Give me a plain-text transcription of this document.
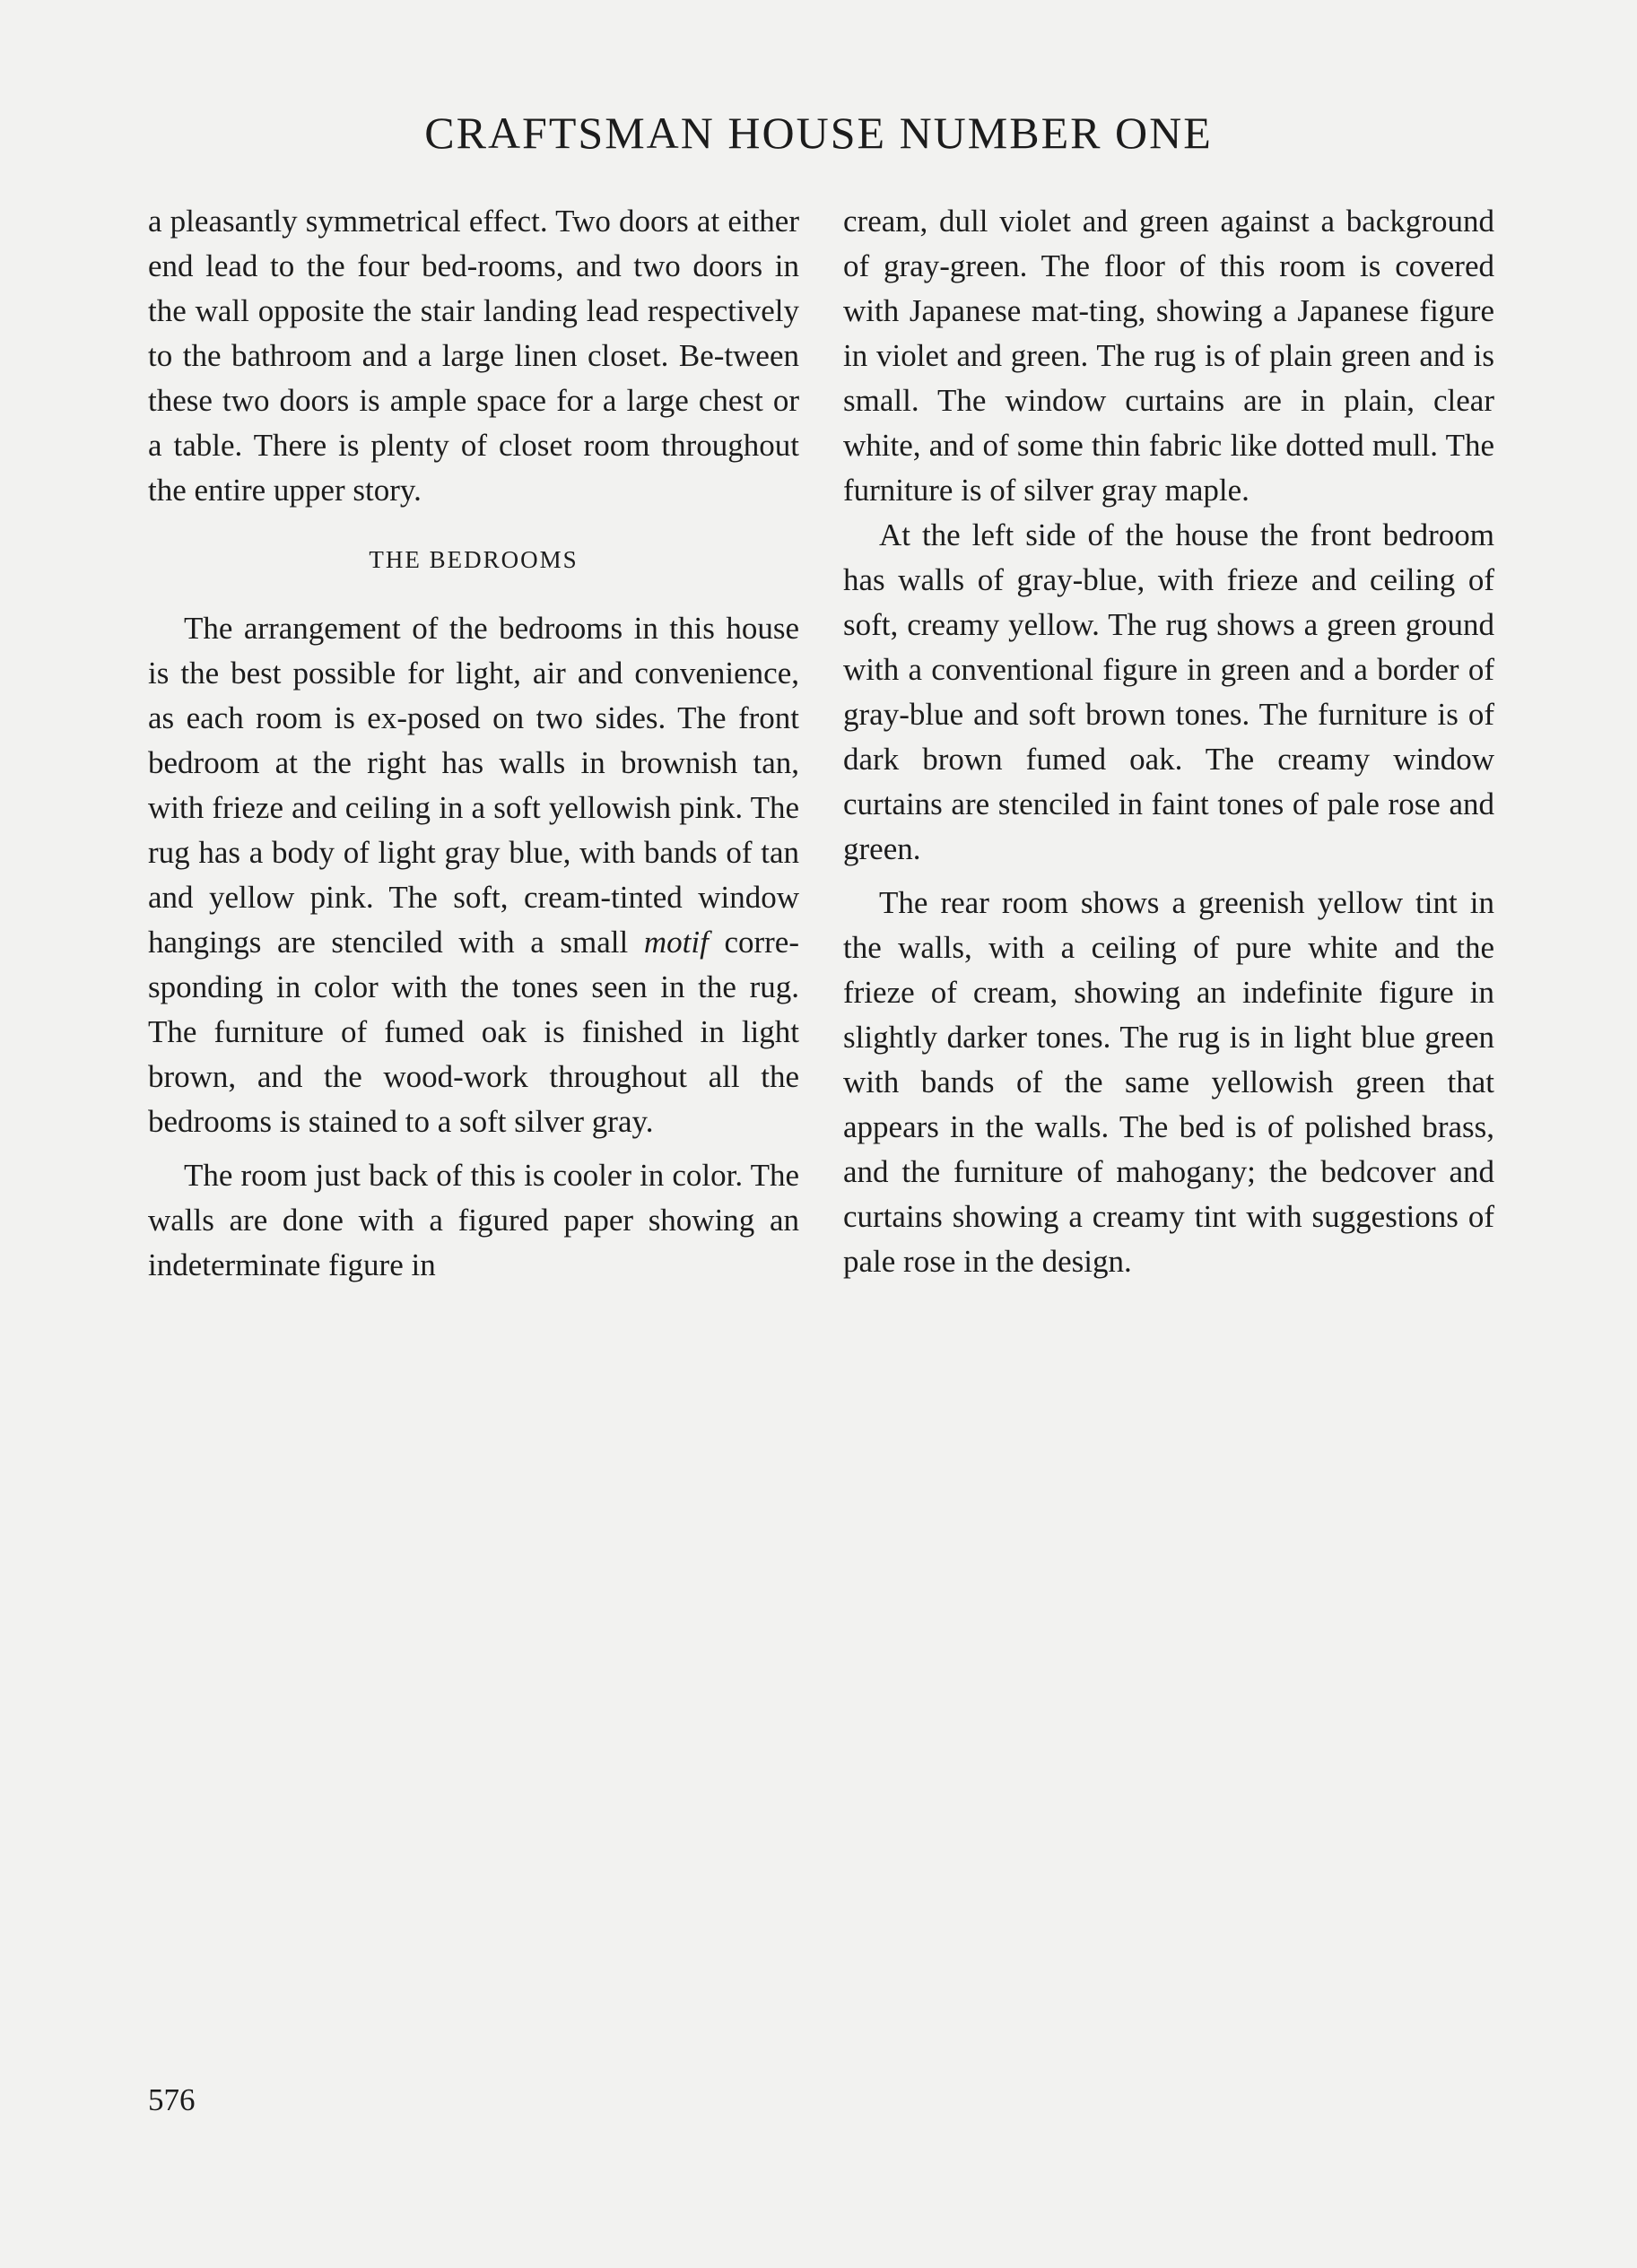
CRAFTSMAN HOUSE NUMBER ONE

a pleasantly symmetrical effect. Two doors at either end lead to the four bed-rooms, and two doors in the wall opposite the stair landing lead respectively to the bathroom and a large linen closet. Be-tween these two doors is ample space for a large chest or a table. There is plenty of closet room throughout the entire upper story.

THE BEDROOMS

The arrangement of the bedrooms in this house is the best possible for light, air and convenience, as each room is ex-posed on two sides. The front bedroom at the right has walls in brownish tan, with frieze and ceiling in a soft yellowish pink. The rug has a body of light gray blue, with bands of tan and yellow pink. The soft, cream-tinted window hangings are stenciled with a small motif corre-sponding in color with the tones seen in the rug. The furniture of fumed oak is finished in light brown, and the wood-work throughout all the bedrooms is stained to a soft silver gray.

The room just back of this is cooler in color. The walls are done with a figured paper showing an indeterminate figure in

cream, dull violet and green against a background of gray-green. The floor of this room is covered with Japanese mat-ting, showing a Japanese figure in violet and green. The rug is of plain green and is small. The window curtains are in plain, clear white, and of some thin fabric like dotted mull. The furniture is of silver gray maple.

At the left side of the house the front bedroom has walls of gray-blue, with frieze and ceiling of soft, creamy yellow. The rug shows a green ground with a conventional figure in green and a border of gray-blue and soft brown tones. The furniture is of dark brown fumed oak. The creamy window curtains are stenciled in faint tones of pale rose and green.

The rear room shows a greenish yellow tint in the walls, with a ceiling of pure white and the frieze of cream, showing an indefinite figure in slightly darker tones. The rug is in light blue green with bands of the same yellowish green that appears in the walls. The bed is of polished brass, and the furniture of mahogany; the bedcover and curtains showing a creamy tint with suggestions of pale rose in the design.

576
